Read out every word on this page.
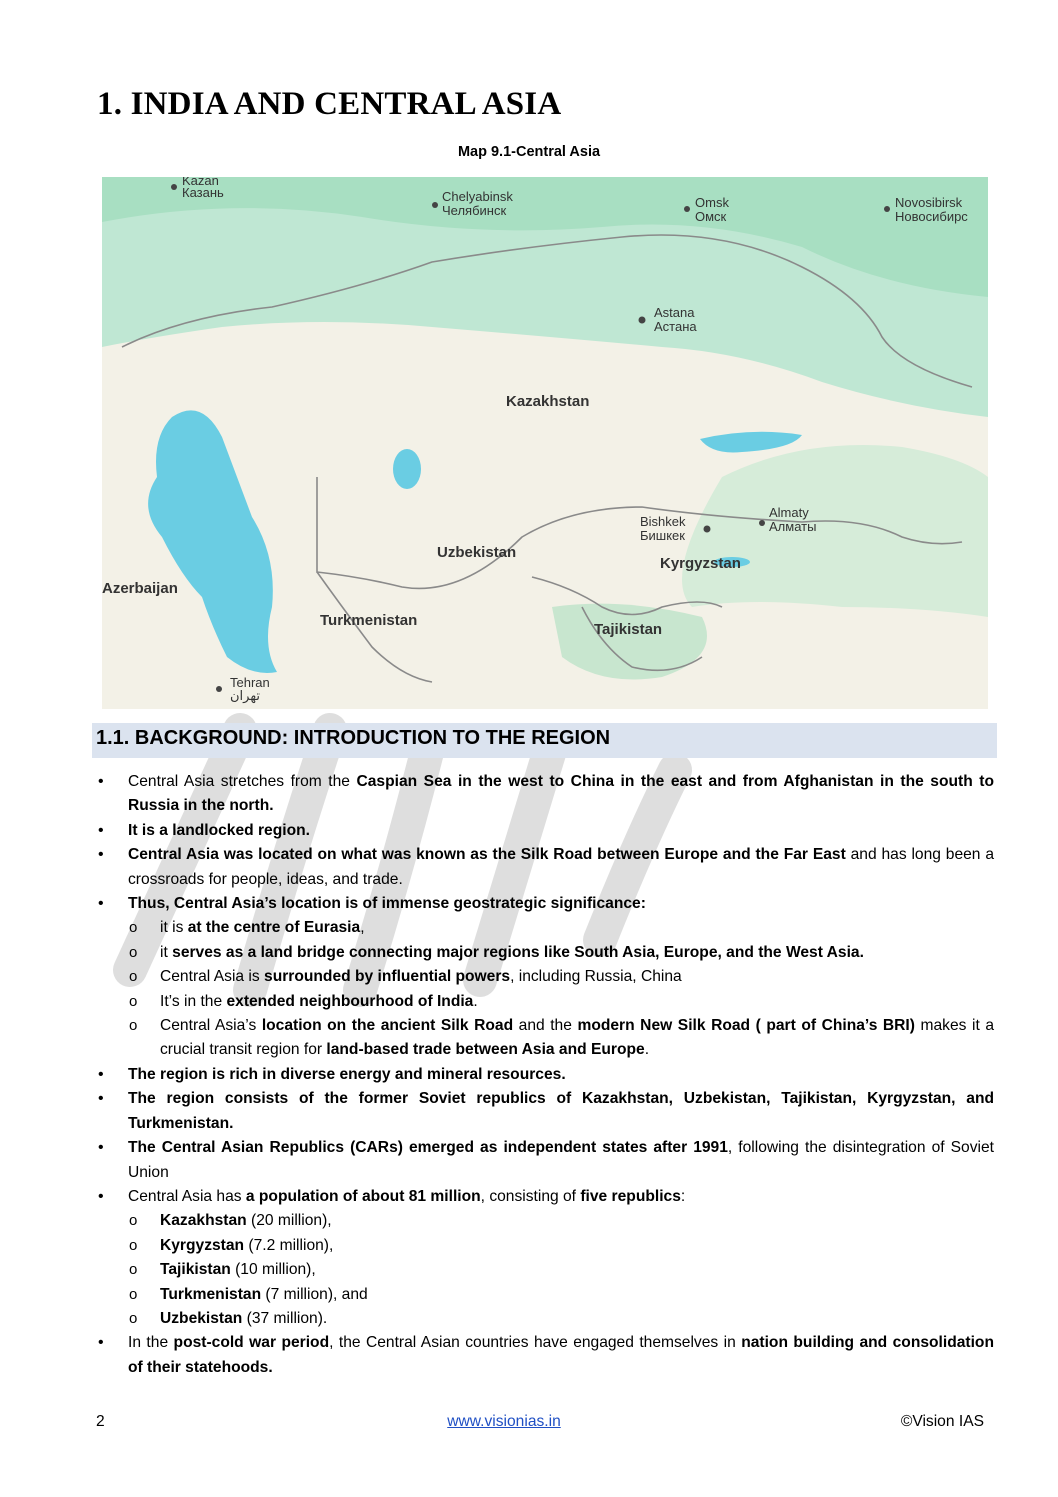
1. INDIA AND CENTRAL ASIA
Map 9.1-Central Asia
Kazakhstan
Uzbekistan
Turkmenistan
Kyrgyzstan
Tajikistan
Azerbaijan
Kazan
Казань	Chelyabinsk
Челябинск
Omsk
Омск
Novosibirsk
Новосибирс
Astana
Астана
Bishkek
Бишкек
Almaty
Алматы
Tehran
تهران
1.1. BACKGROUND: INTRODUCTION TO THE REGION
• Central Asia stretches from the Caspian Sea in the west to China in the east and from Afghanistan in the south to Russia in the north.
• It is a landlocked region.
• Central Asia was located on what was known as the Silk Road between Europe and the Far East and has long been a crossroads for people, ideas, and trade.
• Thus, Central Asia’s location is of immense geostrategic significance:
o it is at the centre of Eurasia,
o it serves as a land bridge connecting major regions like South Asia, Europe, and the West Asia.
o Central Asia is surrounded by influential powers, including Russia, China
o It’s in the extended neighbourhood of India.
o Central Asia’s location on the ancient Silk Road and the modern New Silk Road ( part of China’s BRI) makes it a crucial transit region for land-based trade between Asia and Europe.
• The region is rich in diverse energy and mineral resources.
• The region consists of the former Soviet republics of Kazakhstan, Uzbekistan, Tajikistan, Kyrgyzstan, and Turkmenistan.
• The Central Asian Republics (CARs) emerged as independent states after 1991, following the disintegration of Soviet Union
• Central Asia has a population of about 81 million, consisting of five republics:
o Kazakhstan (20 million),
o Kyrgyzstan (7.2 million),
o Tajikistan (10 million),
o Turkmenistan (7 million), and
o Uzbekistan (37 million).
• In the post-cold war period, the Central Asian countries have engaged themselves in nation building and consolidation of their statehoods.
2	www.visionias.in	©Vision IAS
